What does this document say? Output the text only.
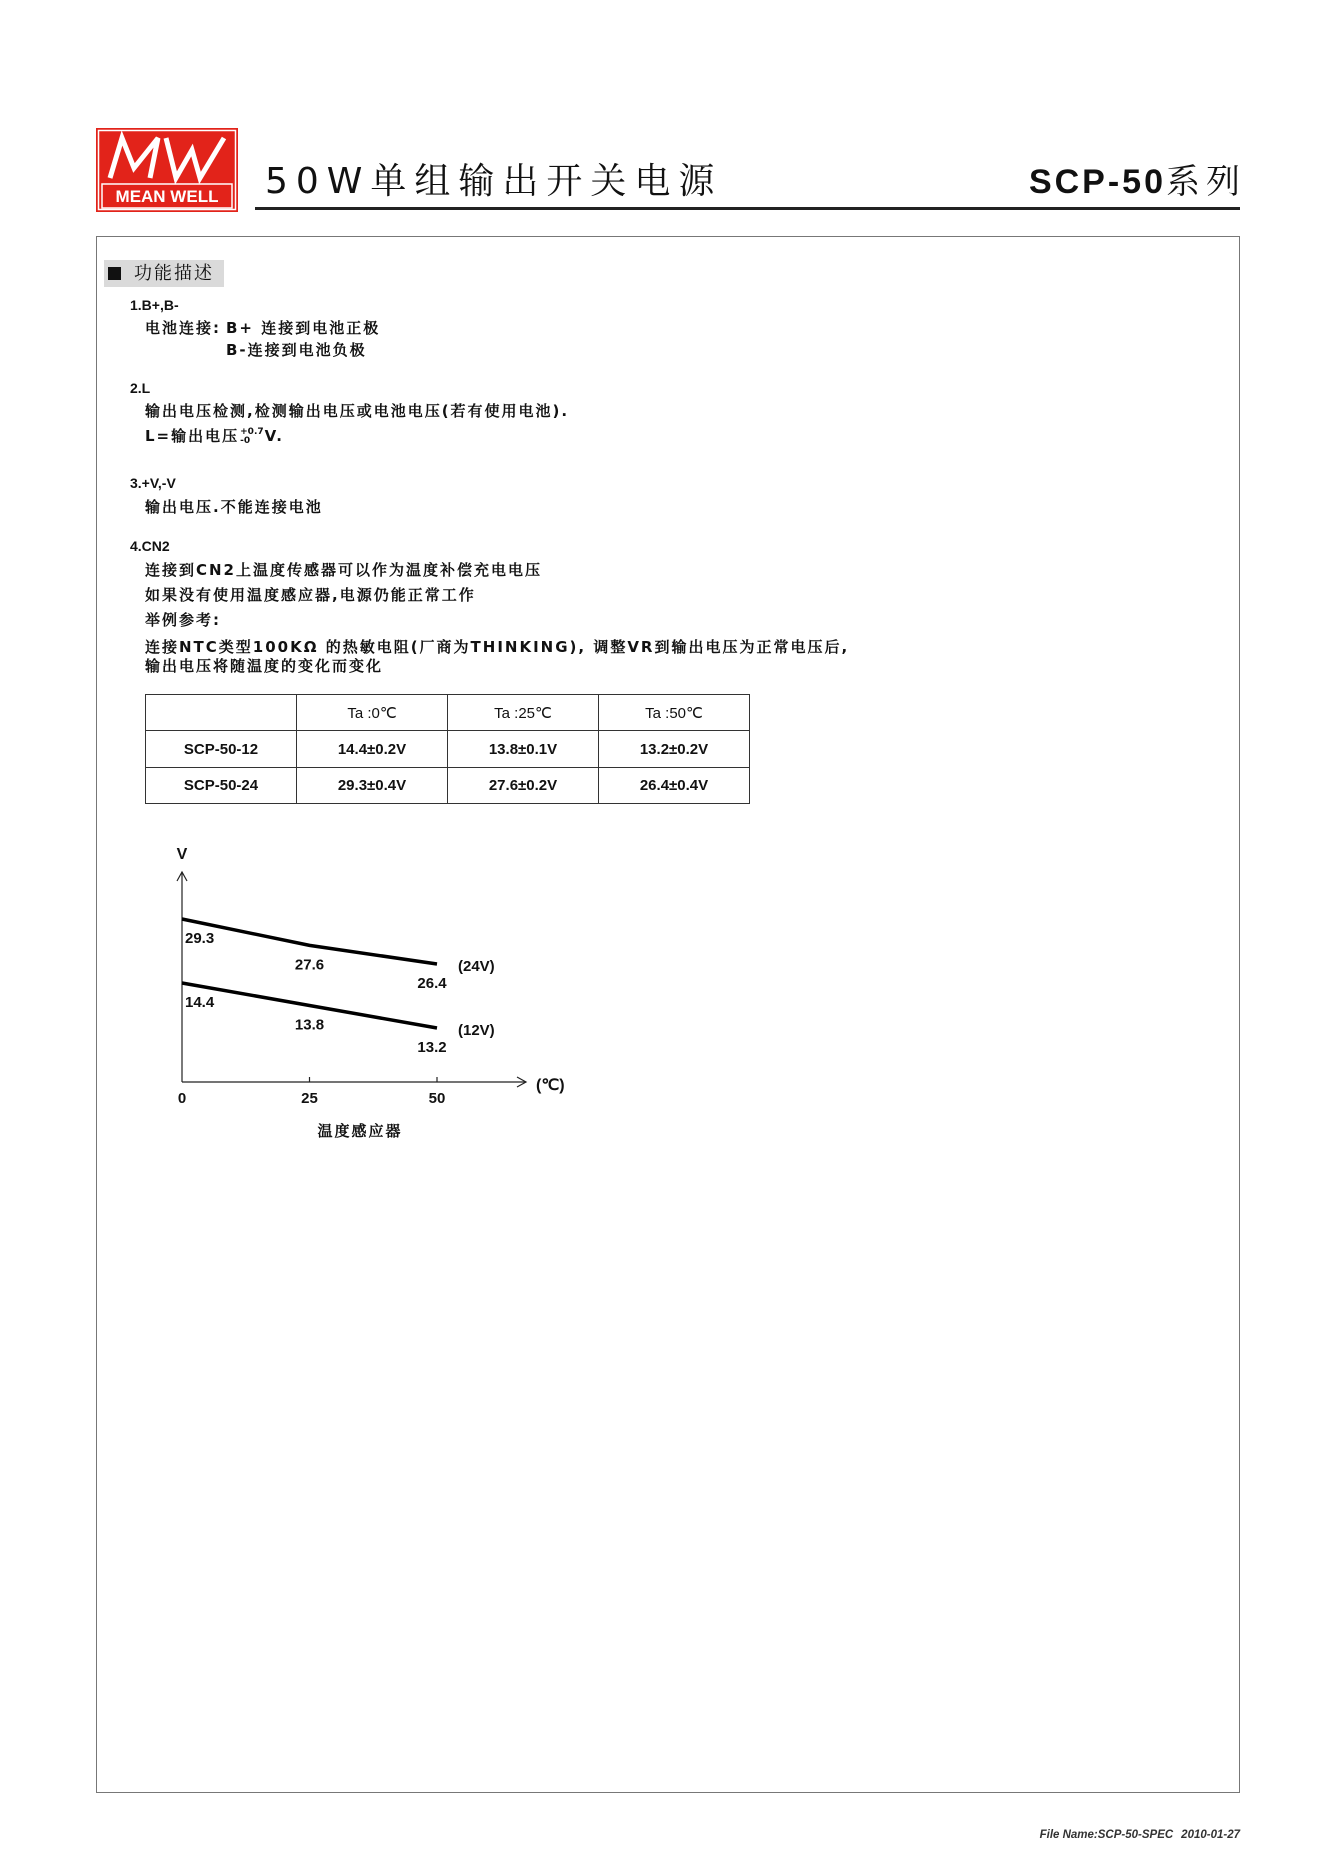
MEAN WELL 50W单组输出开关电源	SCP-50系列
功能描述
1.B+,B-
电池连接: B+ 连接到电池正极
B-连接到电池负极
2.L
输出电压检测,检测输出电压或电池电压(若有使用电池).
L=输出电压 +0.7
-0 V.
3.+V,-V
输出电压.不能连接电池
4.CN2
连接到CN2上温度传感器可以作为温度补偿充电电压
如果没有使用温度感应器,电源仍能正常工作
举例参考:
连接NTC类型100KΩ 的热敏电阻(厂商为THINKING), 调整VR到输出电压为正常电压后,
输出电压将随温度的变化而变化
	Ta :0℃	Ta :25℃	Ta :50℃
SCP-50-12	14.4±0.2V	13.8±0.1V	13.2±0.2V
SCP-50-24	29.3±0.4V	27.6±0.2V	26.4±0.4V
V
(℃)
温度感应器
0	25	50
29.3
27.6
26.4
(24V)
14.4
13.8
13.2
(12V)
File Name:SCP-50-SPEC 2010-01-27
